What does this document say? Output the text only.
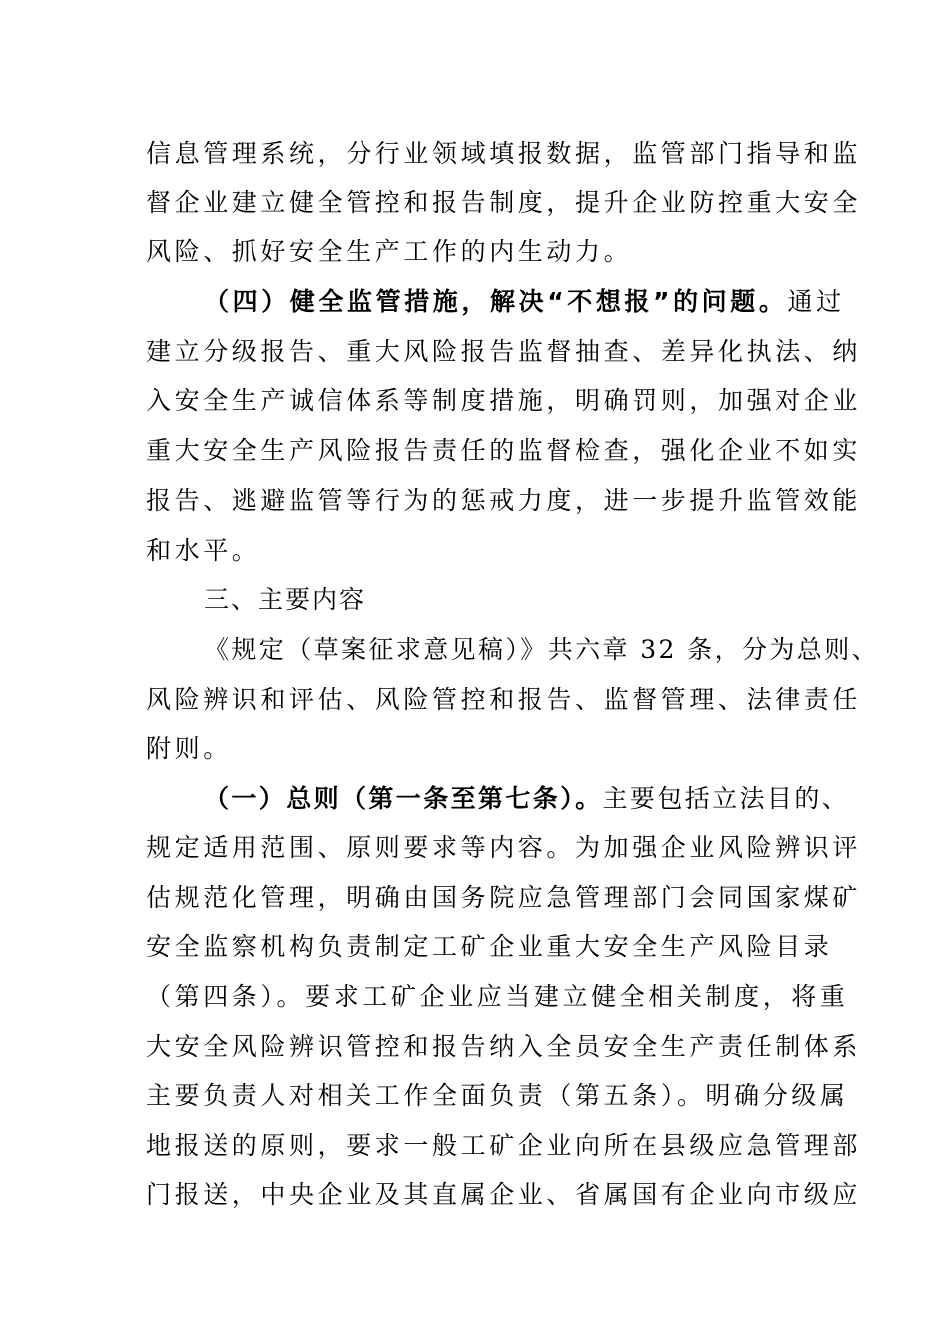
信息管理系统，分行业领域填报数据，监管部门指导和监
督企业建立健全管控和报告制度，提升企业防控重大安全
风险、抓好安全生产工作的内生动力。
（四）健全监管措施，解决“不想报”的问题。通过
建立分级报告、重大风险报告监督抽查、差异化执法、纳
入安全生产诚信体系等制度措施，明确罚则，加强对企业
重大安全生产风险报告责任的监督检查，强化企业不如实
报告、逃避监管等行为的惩戒力度，进一步提升监管效能
和水平。
三、主要内容
《规定（草案征求意见稿）》共六章 32 条，分为总则、
风险辨识和评估、风险管控和报告、监督管理、法律责任
附则。
（一）总则（第一条至第七条）。主要包括立法目的、
规定适用范围、原则要求等内容。为加强企业风险辨识评
估规范化管理，明确由国务院应急管理部门会同国家煤矿
安全监察机构负责制定工矿企业重大安全生产风险目录
（第四条）。要求工矿企业应当建立健全相关制度，将重
大安全风险辨识管控和报告纳入全员安全生产责任制体系
主要负责人对相关工作全面负责（第五条）。明确分级属
地报送的原则，要求一般工矿企业向所在县级应急管理部
门报送，中央企业及其直属企业、省属国有企业向市级应
